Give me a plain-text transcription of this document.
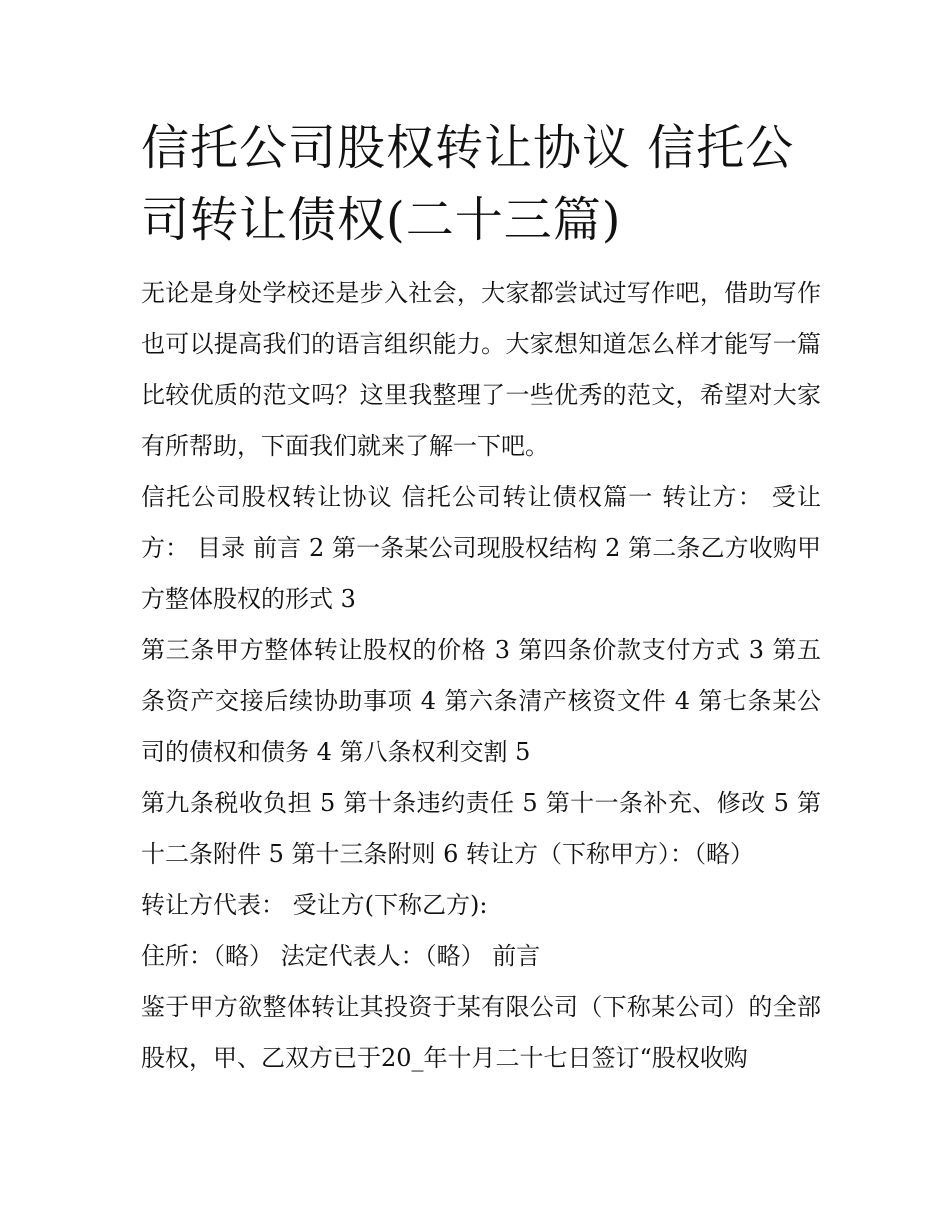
信托公司股权转让协议 信托公司转让债权(二十三篇)

无论是身处学校还是步入社会，大家都尝试过写作吧，借助写作也可以提高我们的语言组织能力。大家想知道怎么样才能写一篇比较优质的范文吗？这里我整理了一些优秀的范文，希望对大家有所帮助，下面我们就来了解一下吧。

信托公司股权转让协议 信托公司转让债权篇一 转让方： 受让方： 目录 前言 2 第一条某公司现股权结构 2 第二条乙方收购甲方整体股权的形式 3

第三条甲方整体转让股权的价格 3 第四条价款支付方式 3 第五条资产交接后续协助事项 4 第六条清产核资文件 4 第七条某公司的债权和债务 4 第八条权利交割 5

第九条税收负担 5 第十条违约责任 5 第十一条补充、修改 5 第十二条附件 5 第十三条附则 6 转让方（下称甲方）：（略）

转让方代表： 受让方(下称乙方):

住所：（略） 法定代表人：（略） 前言

鉴于甲方欲整体转让其投资于某有限公司（下称某公司）的全部股权，甲、乙双方已于20_年十月二十七日签订“股权收购
